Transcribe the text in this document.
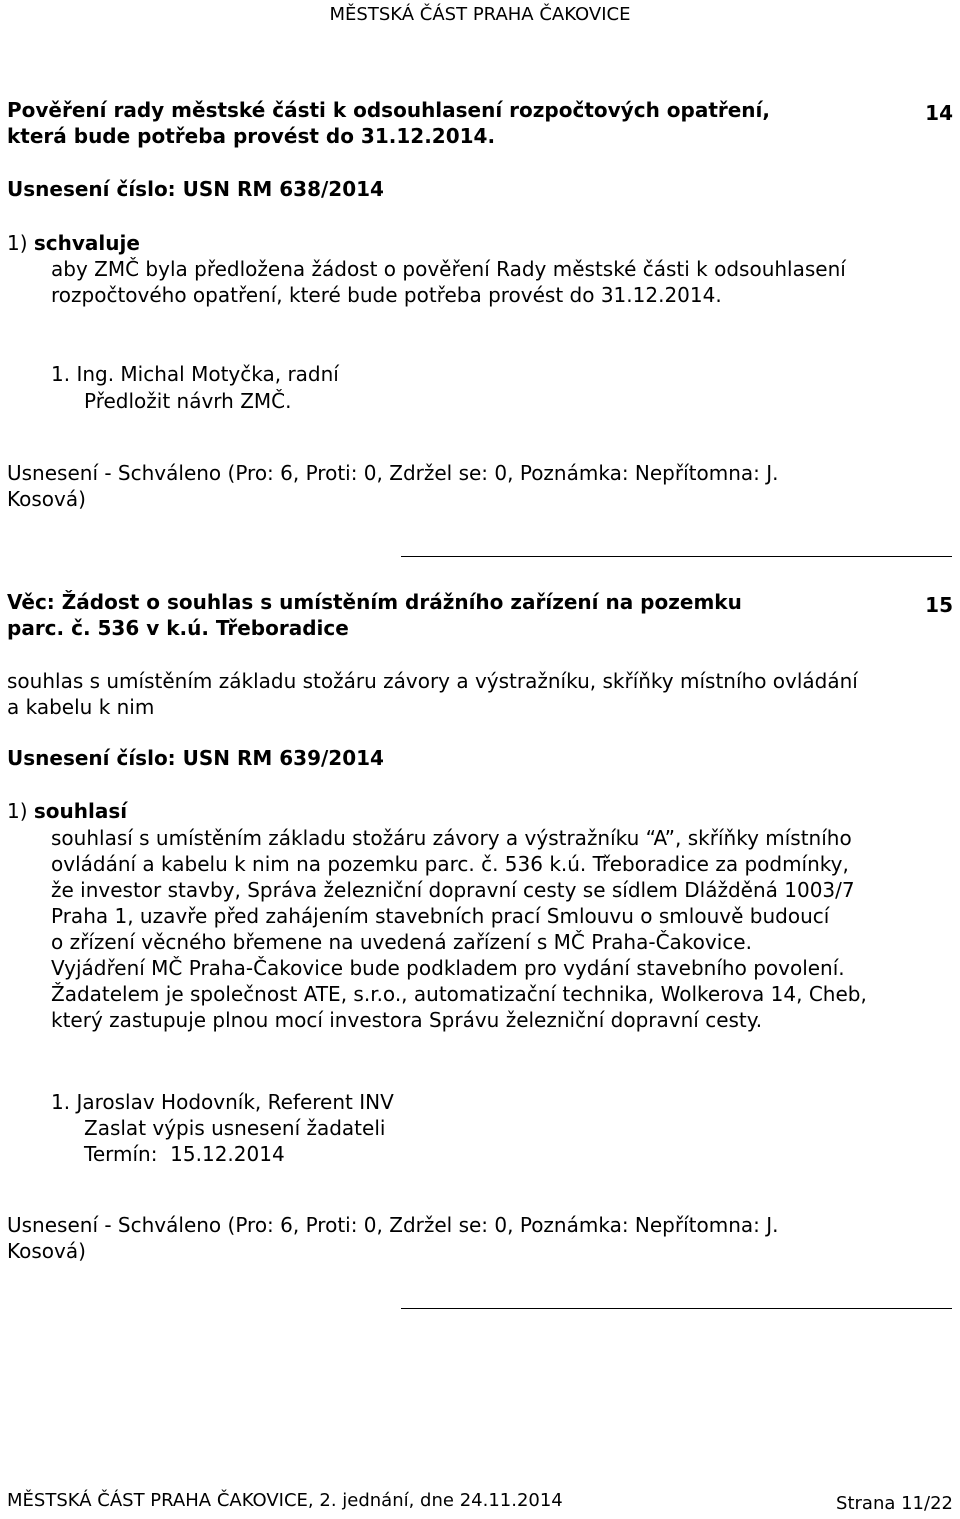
MĚSTSKÁ ČÁST PRAHA ČAKOVICE
Pověření rady městské části k odsouhlasení rozpočtových opatření,
která bude potřeba provést do 31.12.2014.
14
Usnesení číslo: USN RM 638/2014
1) schvaluje
aby ZMČ byla předložena žádost o pověření Rady městské části k odsouhlasení
rozpočtového opatření, které bude potřeba provést do 31.12.2014.
1. Ing. Michal Motyčka, radní
Předložit návrh ZMČ.
Usnesení - Schváleno (Pro: 6, Proti: 0, Zdržel se: 0, Poznámka: Nepřítomna: J.
Kosová)
Věc: Žádost o souhlas s umístěním drážního zařízení na pozemku
parc. č. 536 v k.ú. Třeboradice
15
souhlas s umístěním základu stožáru závory a výstražníku, skříňky místního ovládání
a kabelu k nim
Usnesení číslo: USN RM 639/2014
1) souhlasí
souhlasí s umístěním základu stožáru závory a výstražníku “A”, skříňky místního
ovládání a kabelu k nim na pozemku parc. č. 536 k.ú. Třeboradice za podmínky,
že investor stavby, Správa železniční dopravní cesty se sídlem Dlážděná 1003/7
Praha 1, uzavře před zahájením stavebních prací Smlouvu o smlouvě budoucí
o zřízení věcného břemene na uvedená zařízení s MČ Praha-Čakovice.
Vyjádření MČ Praha-Čakovice bude podkladem pro vydání stavebního povolení.
Žadatelem je společnost ATE, s.r.o., automatizační technika, Wolkerova 14, Cheb,
který zastupuje plnou mocí investora Správu železniční dopravní cesty.
1. Jaroslav Hodovník, Referent INV
Zaslat výpis usnesení žadateli
Termín:  15.12.2014
Usnesení - Schváleno (Pro: 6, Proti: 0, Zdržel se: 0, Poznámka: Nepřítomna: J.
Kosová)
MĚSTSKÁ ČÁST PRAHA ČAKOVICE, 2. jednání, dne 24.11.2014	Strana 11/22
